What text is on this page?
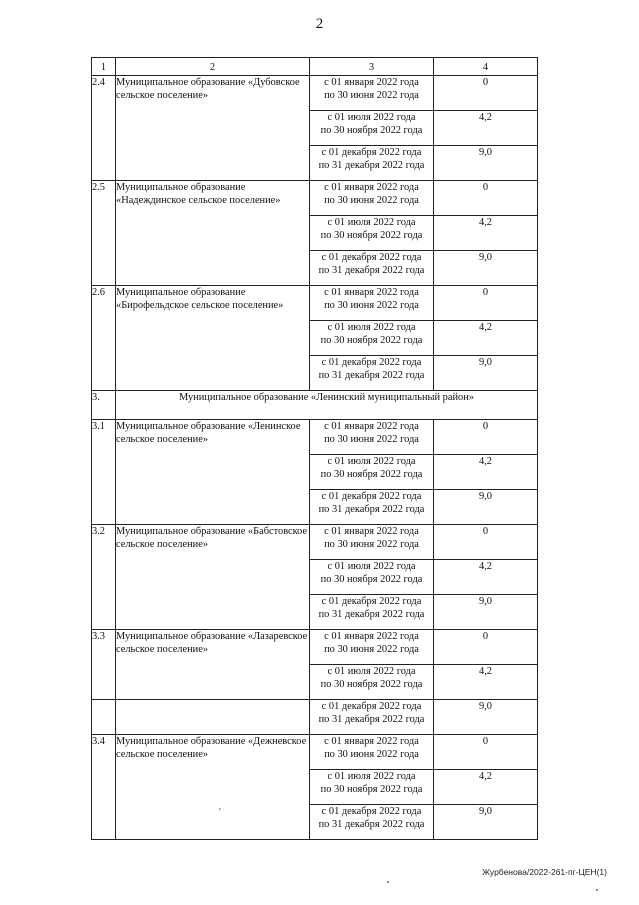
2
1	2	3	4
2.4	Муниципальное образование «Дубовское сельское поселение»	с 01 января 2022 года
по 30 июня 2022 года	0
		с 01 июля 2022 года
по 30 ноября 2022 года	4,2
		с 01 декабря 2022 года
по 31 декабря 2022 года	9,0
2.5	Муниципальное образование «Надеждинское сельское поселение»	с 01 января 2022 года
по 30 июня 2022 года	0
		с 01 июля 2022 года
по 30 ноября 2022 года	4,2
		с 01 декабря 2022 года
по 31 декабря 2022 года	9,0
2.6	Муниципальное образование «Бирофельдское сельское поселение»	с 01 января 2022 года
по 30 июня 2022 года	0
		с 01 июля 2022 года
по 30 ноября 2022 года	4,2
		с 01 декабря 2022 года
по 31 декабря 2022 года	9,0
3.	Муниципальное образование «Ленинский муниципальный район»		
3.1	Муниципальное образование «Ленинское сельское поселение»	с 01 января 2022 года
по 30 июня 2022 года	0
		с 01 июля 2022 года
по 30 ноября 2022 года	4,2
		с 01 декабря 2022 года
по 31 декабря 2022 года	9,0
3.2	Муниципальное образование «Бабстовское сельское поселение»	с 01 января 2022 года
по 30 июня 2022 года	0
		с 01 июля 2022 года
по 30 ноября 2022 года	4,2
		с 01 декабря 2022 года
по 31 декабря 2022 года	9,0
3.3	Муниципальное образование «Лазаревское сельское поселение»	с 01 января 2022 года
по 30 июня 2022 года	0
		с 01 июля 2022 года
по 30 ноября 2022 года	4,2
		с 01 декабря 2022 года
по 31 декабря 2022 года	9,0
3.4	Муниципальное образование «Дежневское сельское поселение»	с 01 января 2022 года
по 30 июня 2022 года	0
		с 01 июля 2022 года
по 30 ноября 2022 года	4,2
		с 01 декабря 2022 года
по 31 декабря 2022 года	9,0
'
Журбенова/2022-261-пг-ЦЕН(1)
